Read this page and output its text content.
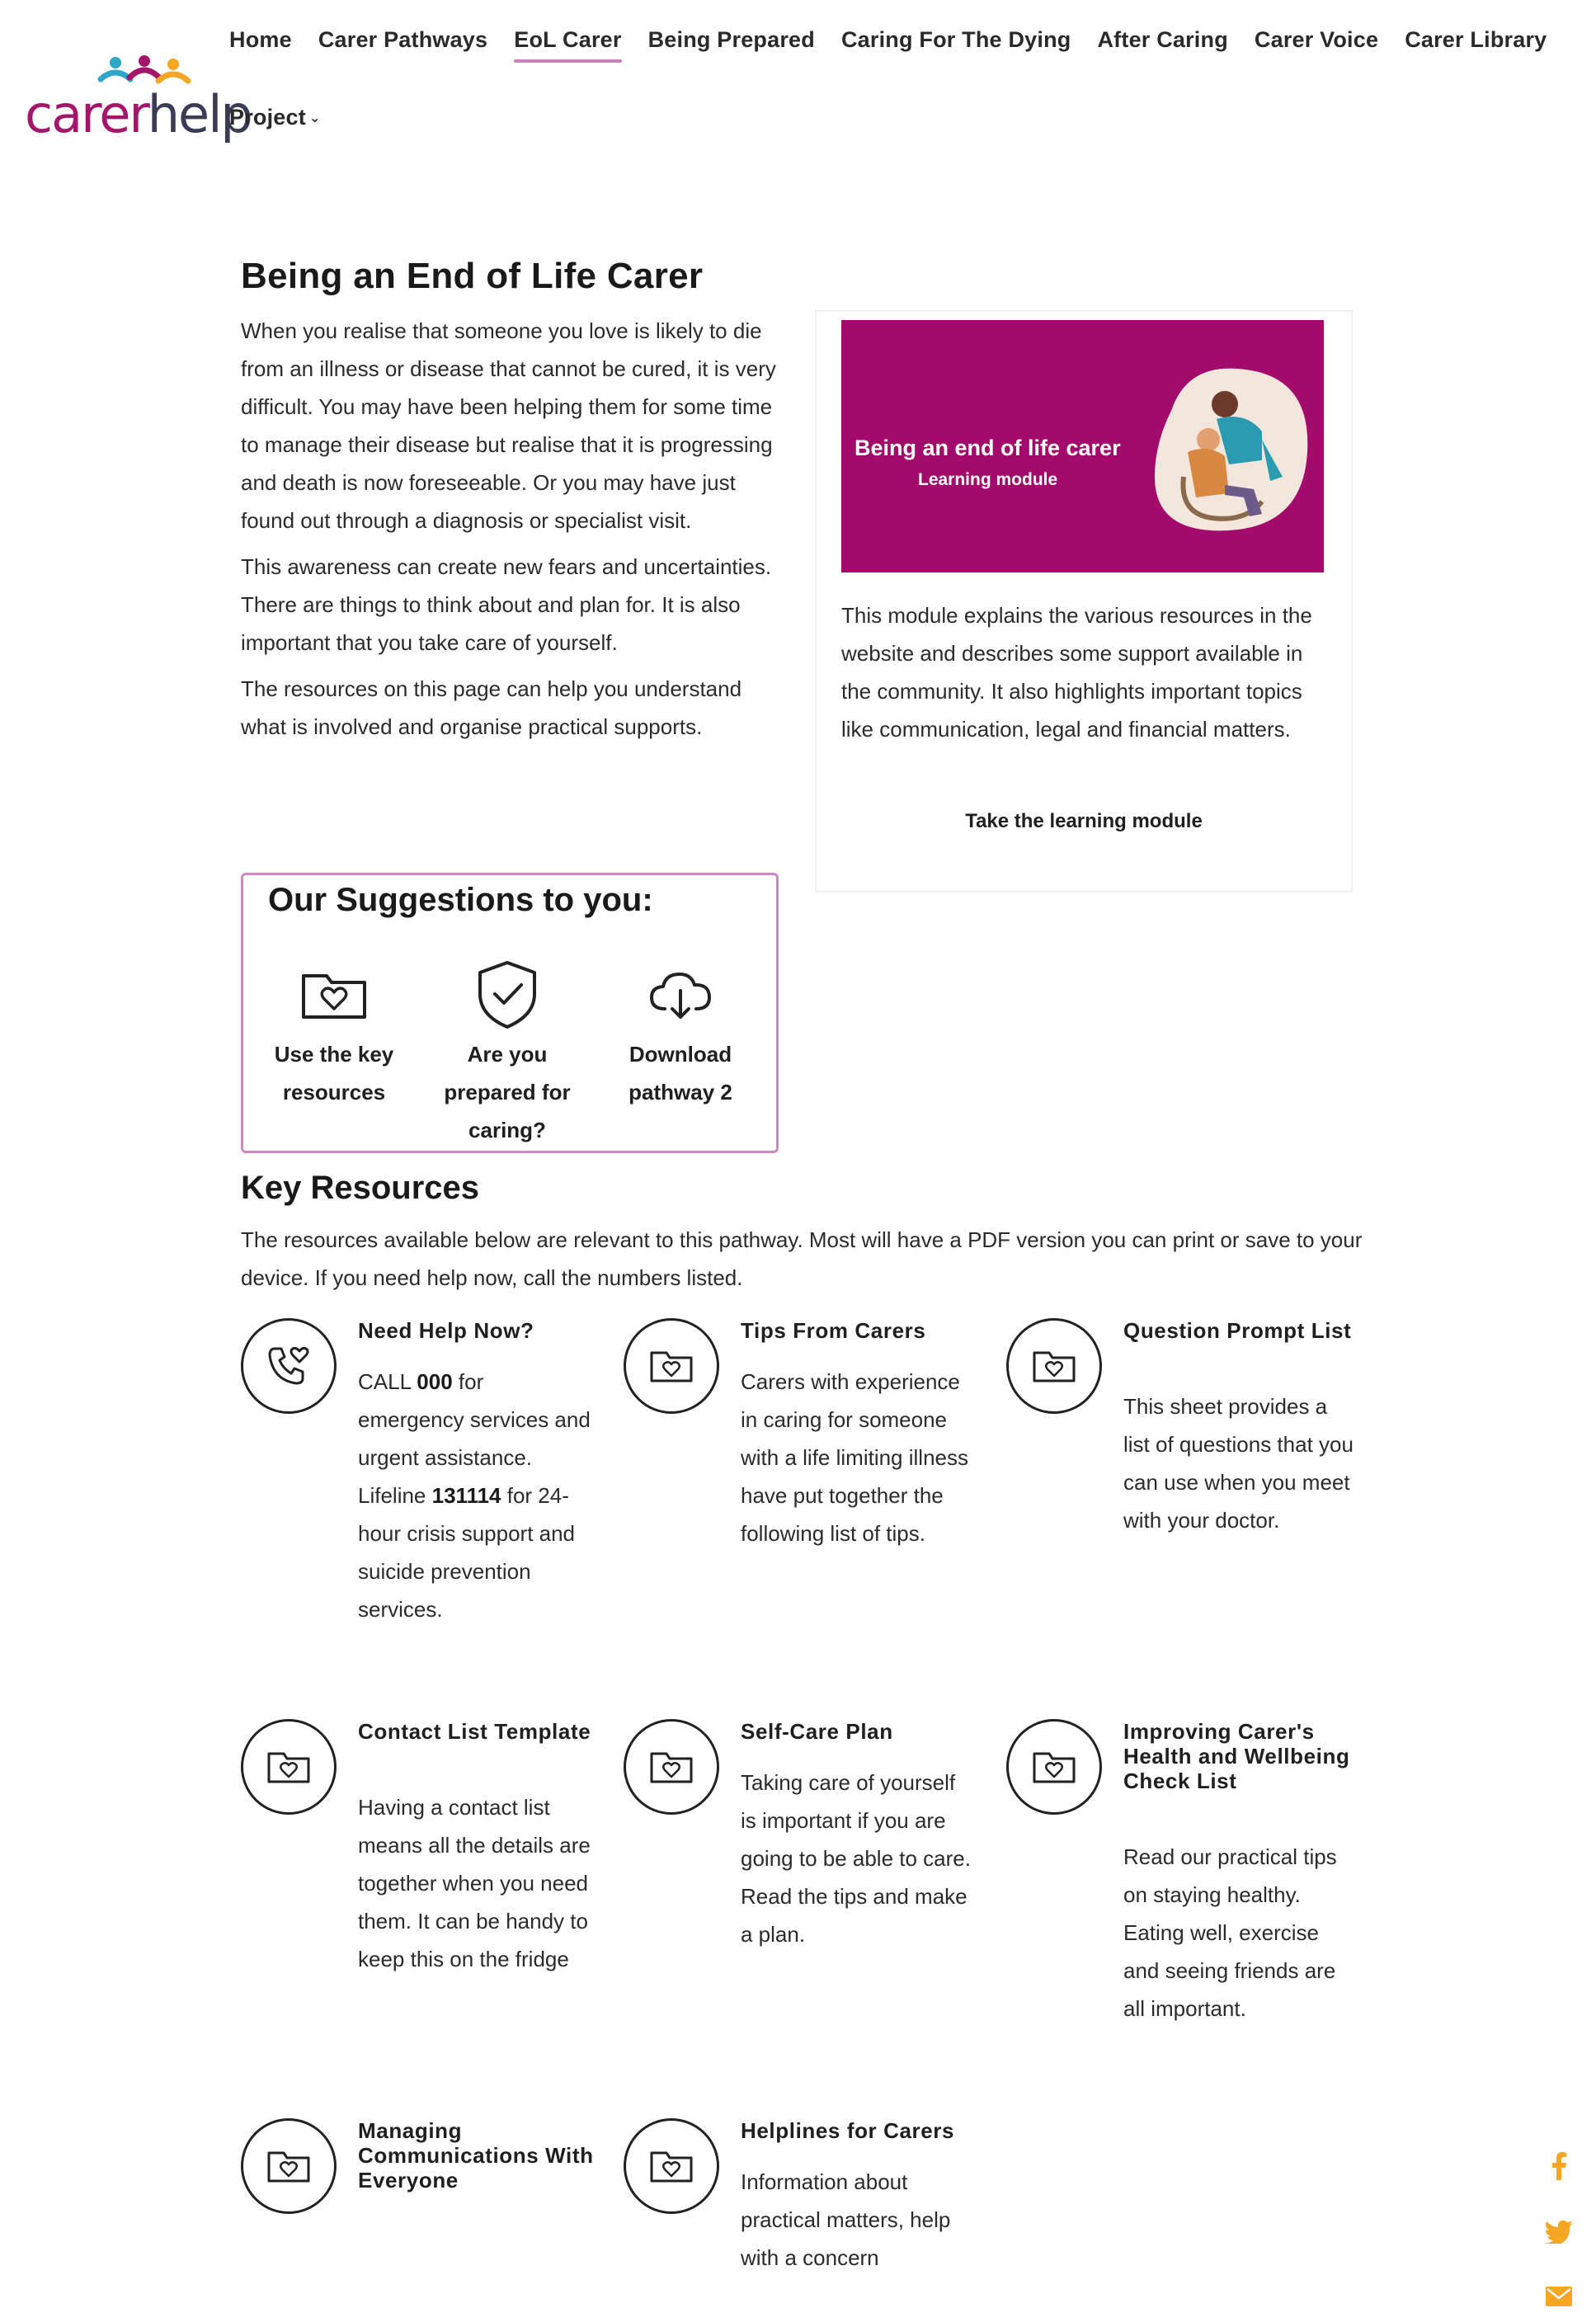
carerhelp
Home Carer Pathways EoL Carer Being Prepared Caring For The Dying After Caring Carer Voice Carer Library
Project ⌄
Being an End of Life Carer

When you realise that someone you love is likely to die from an illness or disease that cannot be cured, it is very difficult. You may have been helping them for some time to manage their disease but realise that it is progressing and death is now foreseeable. Or you may have just found out through a diagnosis or specialist visit.

This awareness can create new fears and uncertainties. There are things to think about and plan for. It is also important that you take care of yourself.

The resources on this page can help you understand what is involved and organise practical supports.

Being an end of life carer
Learning module
This module explains the various resources in the website and describes some support available in the community. It also highlights important topics like communication, legal and financial matters.
Take the learning module
Our Suggestions to you:
Use the key resources
Are you prepared for caring?
Download pathway 2
Key Resources

The resources available below are relevant to this pathway. Most will have a PDF version you can print or save to your device. If you need help now, call the numbers listed.

Need Help Now?
CALL 000 for emergency services and urgent assistance. Lifeline 131114 for 24-hour crisis support and suicide prevention services.
Tips From Carers
Carers with experience in caring for someone with a life limiting illness have put together the following list of tips.
Question Prompt List
This sheet provides a list of questions that you can use when you meet with your doctor.
Contact List Template
Having a contact list means all the details are together when you need them. It can be handy to keep this on the fridge
Self-Care Plan
Taking care of yourself is important if you are going to be able to care. Read the tips and make a plan.
Improving Carer's Health and Wellbeing Check List
Read our practical tips on staying healthy. Eating well, exercise and seeing friends are all important.
Managing Communications With Everyone
Helplines for Carers
Information about practical matters, help with a concern
